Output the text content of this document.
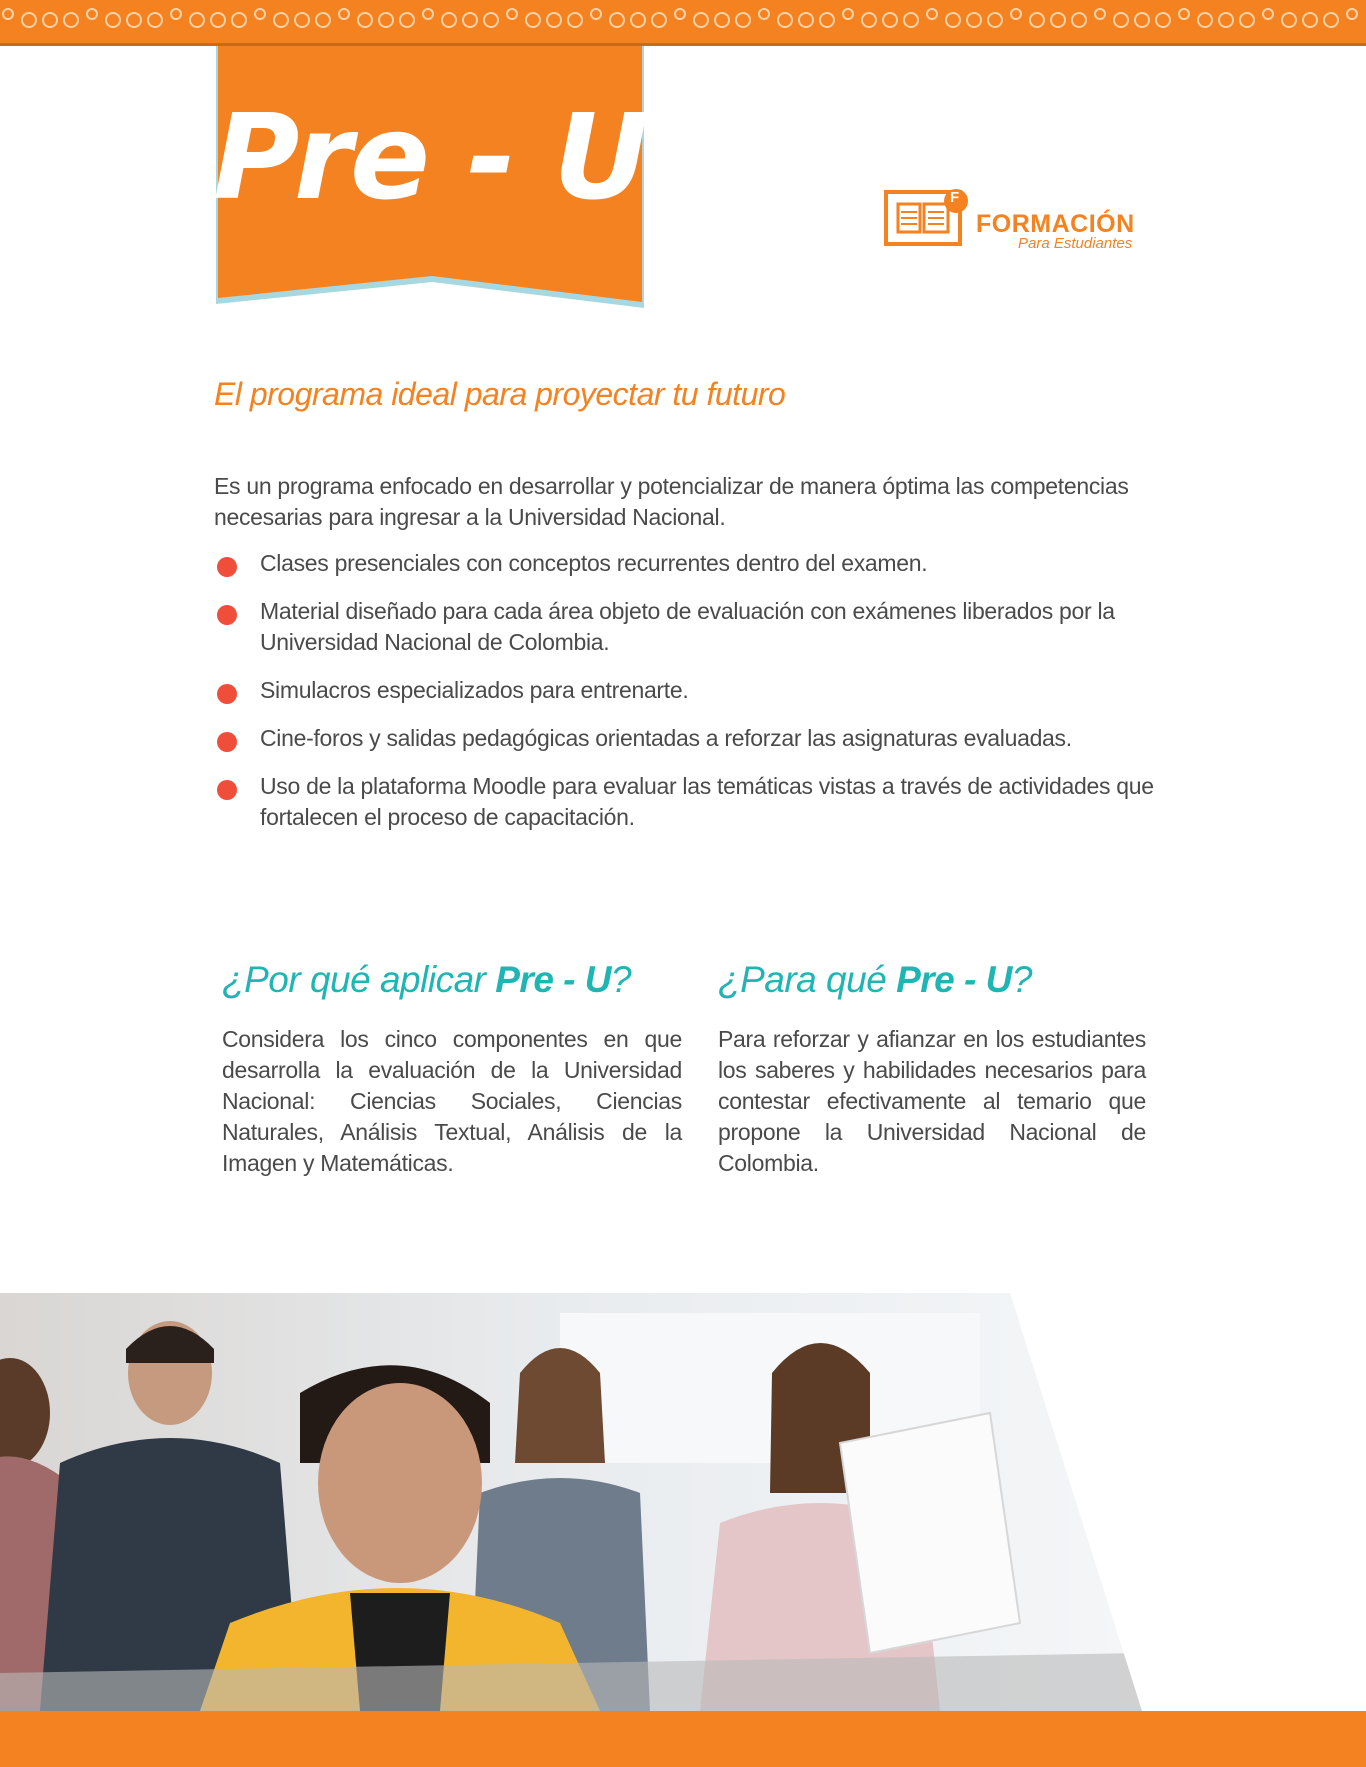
Pre - U	F
FORMACIÓN
Para Estudiantes
El programa ideal para proyectar tu futuro
Es un programa enfocado en desarrollar y potencializar de manera óptima las competencias necesarias para ingresar a la Universidad Nacional.
Clases presenciales con conceptos recurrentes dentro del examen.
Material diseñado para cada área objeto de evaluación con exámenes liberados por la Universidad Nacional de Colombia.
Simulacros especializados para entrenarte.
Cine-foros y salidas pedagógicas orientadas a reforzar las asignaturas evaluadas.
Uso de la plataforma Moodle para evaluar las temáticas vistas a través de actividades que fortalecen el proceso de capacitación.
¿Por qué aplicar Pre - U?
Considera los cinco componentes en que desarrolla la evaluación de la Universidad Nacional: Ciencias Sociales, Ciencias Naturales, Análisis Textual, Análisis de la Imagen y Matemáticas.
¿Para qué Pre - U?
Para reforzar y afianzar en los estudiantes los saberes y habilidades necesarios para contestar efectivamente al temario que propone la Universidad Nacional de Colombia.
